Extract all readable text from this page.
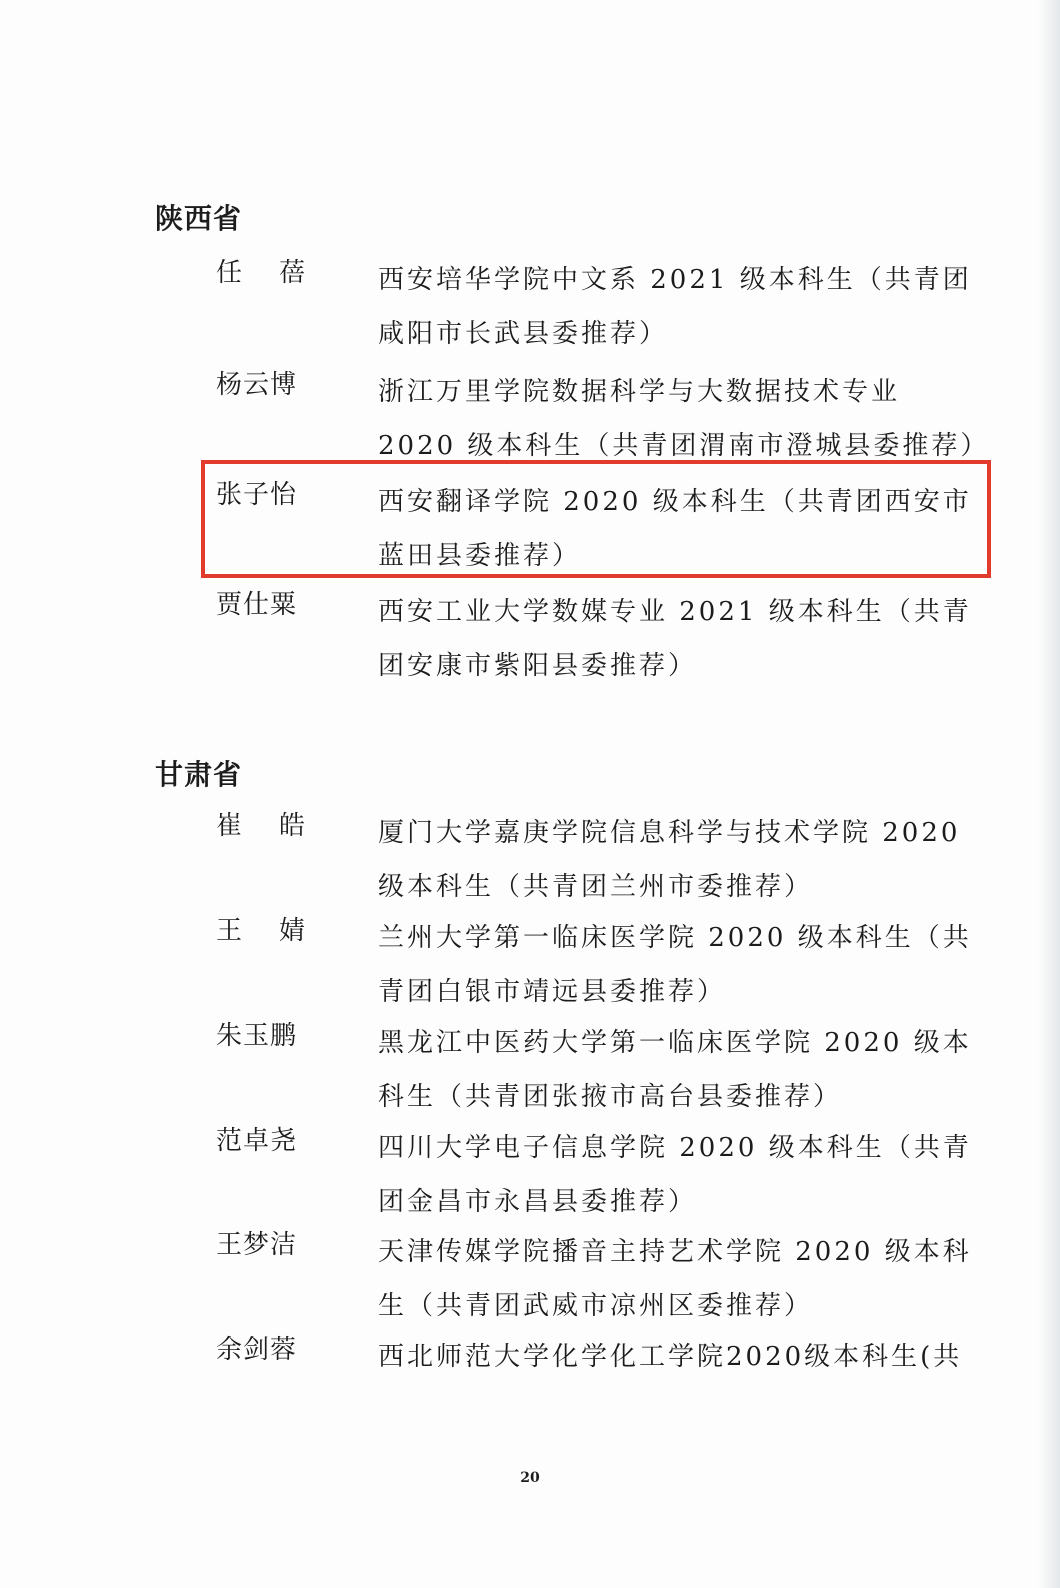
陕西省
任　蓓	西安培华学院中文系 2021 级本科生（共青团
咸阳市长武县委推荐）
杨云博	浙江万里学院数据科学与大数据技术专业
2020 级本科生（共青团渭南市澄城县委推荐）
张子怡	西安翻译学院 2020 级本科生（共青团西安市
蓝田县委推荐）
贾仕粟	西安工业大学数媒专业 2021 级本科生（共青
团安康市紫阳县委推荐）
甘肃省
崔　皓	厦门大学嘉庚学院信息科学与技术学院 2020
级本科生（共青团兰州市委推荐）
王　婧	兰州大学第一临床医学院 2020 级本科生（共
青团白银市靖远县委推荐）
朱玉鹏	黑龙江中医药大学第一临床医学院 2020 级本
科生（共青团张掖市高台县委推荐）
范卓尧	四川大学电子信息学院 2020 级本科生（共青
团金昌市永昌县委推荐）
王梦洁	天津传媒学院播音主持艺术学院 2020 级本科
生（共青团武威市凉州区委推荐）
余剑蓉	西北师范大学化学化工学院2020级本科生(共
20
